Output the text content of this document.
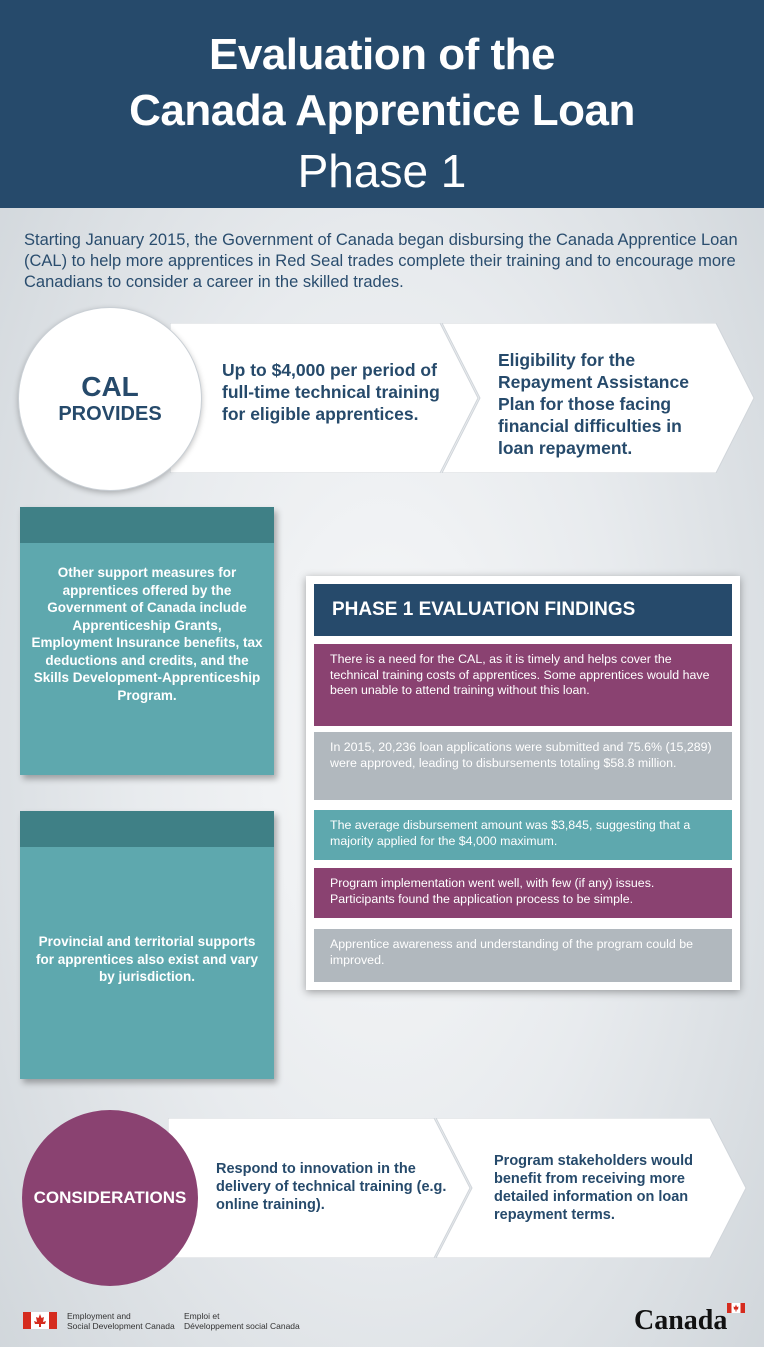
Evaluation of the
Canada Apprentice Loan
Phase 1
Starting January 2015, the Government of Canada began disbursing the Canada Apprentice Loan (CAL) to help more apprentices in Red Seal trades complete their training and to encourage more Canadians to consider a career in the skilled trades.
Up to $4,000 per period of full-time technical training for eligible apprentices.
Eligibility for the Repayment Assistance Plan for those facing financial difficulties in loan repayment.
CAL
PROVIDES
Other support measures for apprentices offered by the Government of Canada include Apprenticeship Grants, Employment Insurance benefits, tax deductions and credits, and the Skills Development-Apprenticeship Program.
Provincial and territorial supports for apprentices also exist and vary by jurisdiction.
PHASE 1 EVALUATION FINDINGS
There is a need for the CAL, as it is timely and helps cover the technical training costs of apprentices. Some apprentices would have been unable to attend training without this loan.
In 2015, 20,236 loan applications were submitted and 75.6% (15,289) were approved, leading to disbursements totaling $58.8 million.
The average disbursement amount was $3,845, suggesting that a majority applied for the $4,000 maximum.
Program implementation went well, with few (if any) issues. Participants found the application process to be simple.
Apprentice awareness and understanding of the program could be improved.
Respond to innovation in the delivery of technical training (e.g. online training).
Program stakeholders would benefit from receiving more detailed information on loan repayment terms.
CONSIDERATIONS
Employment and
Social Development Canada
Emploi et
Développement social Canada	Canada
